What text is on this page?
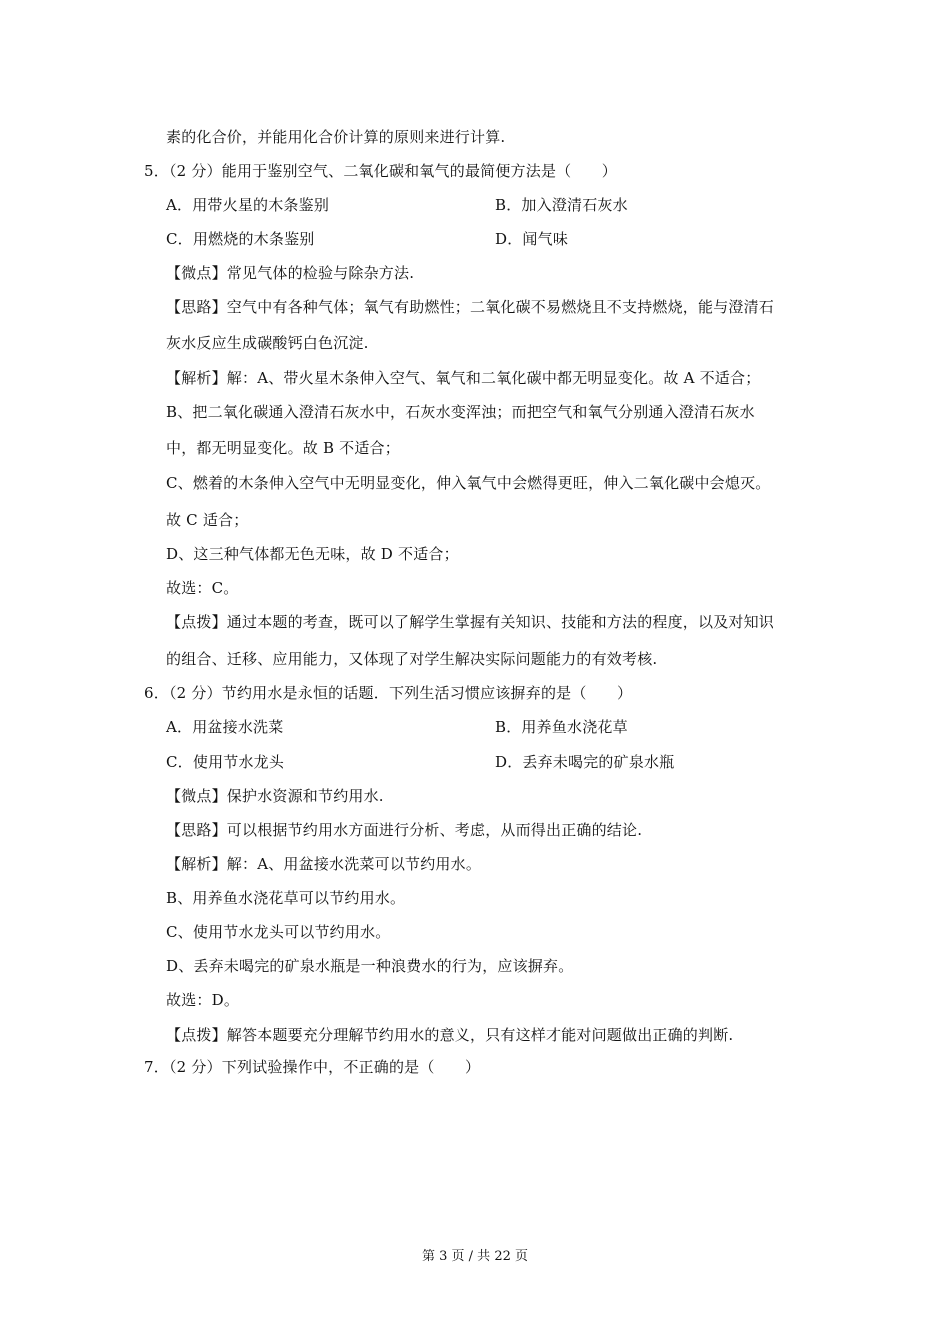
素的化合价，并能用化合价计算的原则来进行计算.
5．（2 分）能用于鉴别空气、二氧化碳和氧气的最简便方法是（　　）
A．用带火星的木条鉴别	B．加入澄清石灰水
C．用燃烧的木条鉴别	D．闻气味
【微点】常见气体的检验与除杂方法.
【思路】空气中有各种气体；氧气有助燃性；二氧化碳不易燃烧且不支持燃烧，能与澄清石
灰水反应生成碳酸钙白色沉淀.
【解析】解：A、带火星木条伸入空气、氧气和二氧化碳中都无明显变化。故 A 不适合；
B、把二氧化碳通入澄清石灰水中，石灰水变浑浊；而把空气和氧气分别通入澄清石灰水
中，都无明显变化。故 B 不适合；
C、燃着的木条伸入空气中无明显变化，伸入氧气中会燃得更旺，伸入二氧化碳中会熄灭。
故 C 适合；
D、这三种气体都无色无味，故 D 不适合；
故选：C。
【点拨】通过本题的考查，既可以了解学生掌握有关知识、技能和方法的程度，以及对知识
的组合、迁移、应用能力，又体现了对学生解决实际问题能力的有效考核.
6．（2 分）节约用水是永恒的话题．下列生活习惯应该摒弃的是（　　）
A．用盆接水洗菜	B．用养鱼水浇花草
C．使用节水龙头	D．丢弃未喝完的矿泉水瓶
【微点】保护水资源和节约用水.
【思路】可以根据节约用水方面进行分析、考虑，从而得出正确的结论.
【解析】解：A、用盆接水洗菜可以节约用水。
B、用养鱼水浇花草可以节约用水。
C、使用节水龙头可以节约用水。
D、丢弃未喝完的矿泉水瓶是一种浪费水的行为，应该摒弃。
故选：D。
【点拨】解答本题要充分理解节约用水的意义，只有这样才能对问题做出正确的判断.
7．（2 分）下列试验操作中，不正确的是（　　）
第 3 页 / 共 22 页
